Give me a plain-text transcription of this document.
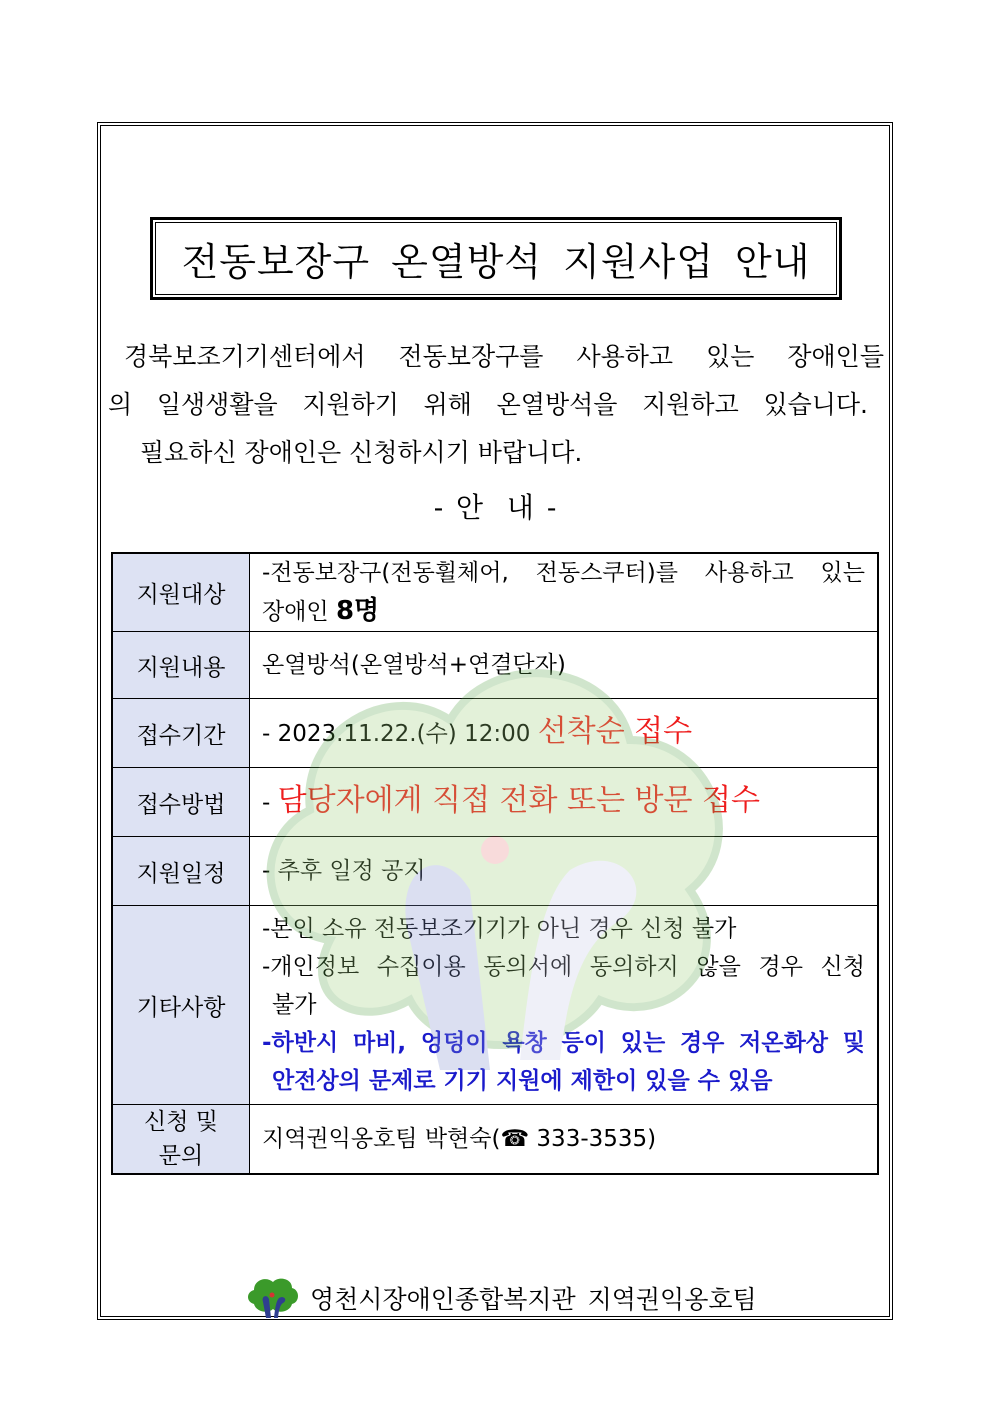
전동보장구 온열방석 지원사업 안내
경북보조기기센터에서 전동보장구를 사용하고 있는 장애인들
의 일생생활을 지원하기 위해 온열방석을 지원하고 있습니다.
필요하신 장애인은 신청하시기 바랍니다.
- 안  내 -
지원대상	-전동보장구(전동휠체어, 전동스쿠터)를 사용하고 있는
장애인 8명

지원내용	온열방석(온열방석+연결단자)
접수기간	- 2023.11.22.(수) 12:00 선착순 접수
접수방법	- 담당자에게 직접 전화 또는 방문 접수
지원일정	- 추후 일정 공지
기타사항	-본인 소유 전동보조기기가 아닌 경우 신청 불가
-개인정보 수집이용 동의서에 동의하지 않을 경우 신청
불가
-하반시 마비, 엉덩이 욕창 등이 있는 경우 저온화상 및
안전상의 문제로 기기 지원에 제한이 있을 수 있음

신청 및
문의	지역권익옹호팀 박현숙(☎ 333-3535)
영천시장애인종합복지관 지역권익옹호팀
